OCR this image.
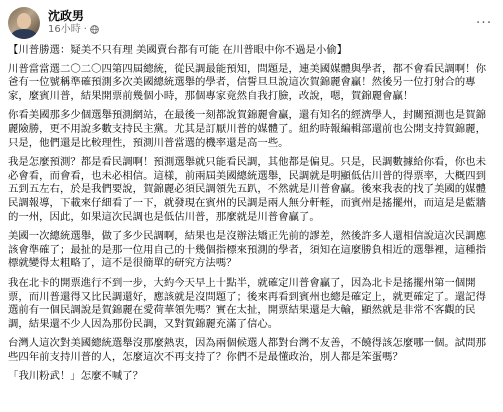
沈政男
16小時 ·	···

【川普勝選：疑美不只有理 美國賣台都有可能 在川普眼中你不過是小偷】

川普當當選二〇二〇四第四屆總統，從民調最能預知，問題是，連美國媒體與學者，都不會看民調啊！你爸有一位號稱準確預測多次美國總統選舉的學者，信誓旦旦說這次賀錦麗會贏！然後另一位打射合的專家，麼賓川普，結果開票前幾個小時，那個專家竟然自我打臉，改說，嗯，賀錦麗會贏！

你看美國那多少個選舉預測網站，在最後一刻都說賀錦麗會贏，還有知名的經濟學人，封關預測也是賀錦麗險勝，更不用說多數支持民主黨。尤其是訂厭川普的媒體了。紐約時報編輯部還前也公開支持賀錦麗，只是，他們還是比較理性，預測川普當選的機率還是高一些。

我是怎麼預測？都是看民調啊！預測選舉就只能看民調，其他都是偏見。只是，民調數據給你看，你也未必會看，而會看，也未必相信。這樣，前兩屆美國總統選舉，民調就是明顯低估川普的得票率，大概四到五到五左右，於是我們要說，賀錦麗必須民調領先五趴，不然就是川普會贏。後來我表的找了美國的媒體民調報導，下載來仔細看了一下，就發現在賓州的民調是兩人無分軒輊，而賓州是搖擺州，而這是是藍牆的一州，因此，如果這次民調也是低估川普，那麼就是川普會贏了。

美國一次總統選舉，做了多少民調啊，結果也是沒辦法矯正先前的謬差，然後許多人還相信說這次民調應該會準確了；最扯的是那一位用自己的十幾個指標來預測的學者，須知在這麼勝負相近的選舉裡，這種指標就變得太粗略了，這不是很簡單的研究方法嗎？

我在北卡的開票進行不到一步，大約今天早上十點半，就確定川普會贏了，因為北卡是搖擺州第一個開票，而川普還得又比民調還好，應該就是沒問題了；後來再看到賓州也總是確定上，就更確定了。還記得選前有一個民調說是賀錦麗在愛荷華領先嗎？實在太扯，開票結果還是大輸，顯然就是非常不客觀的民調，結果還不少人因為那份民調，又對賀錦麗充滿了信心。

台灣人這次對美國總統選舉沒那麼熱衷，因為兩個候選人都對台灣不友善，不饒得該怎麼哪一個。試問那些四年前支持川普的人，怎麼這次不再支持了？你們不是最懂政治，別人都是笨蛋嗎？

「我川粉武！」怎麼不喊了？
